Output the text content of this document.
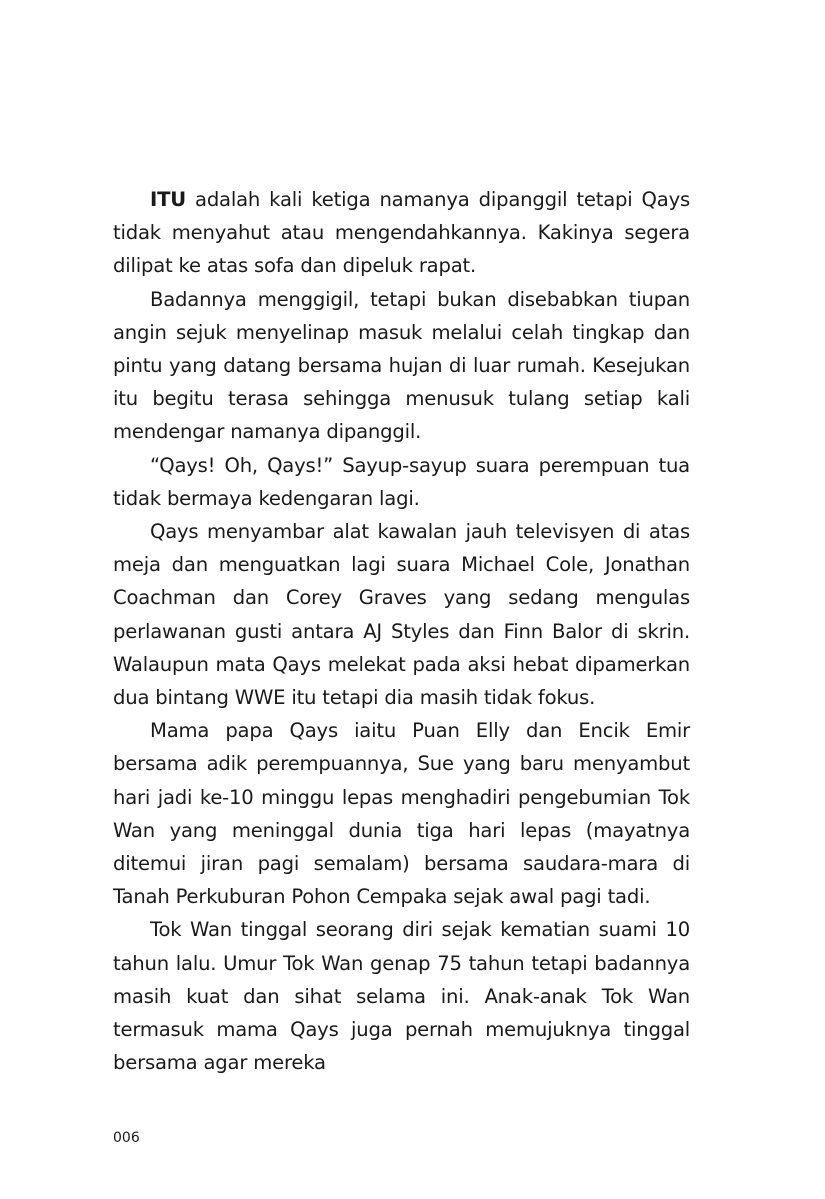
ITU adalah kali ketiga namanya dipanggil tetapi Qays tidak menyahut atau mengendahkannya. Kakinya segera dilipat ke atas sofa dan dipeluk rapat.

Badannya menggigil, tetapi bukan disebabkan tiupan angin sejuk menyelinap masuk melalui celah tingkap dan pintu yang datang bersama hujan di luar rumah. Kesejukan itu begitu terasa sehingga menusuk tulang setiap kali mendengar namanya dipanggil.

“Qays! Oh, Qays!” Sayup-sayup suara perempuan tua tidak bermaya kedengaran lagi.

Qays menyambar alat kawalan jauh televisyen di atas meja dan menguatkan lagi suara Michael Cole, Jonathan Coachman dan Corey Graves yang sedang mengulas perlawanan gusti antara AJ Styles dan Finn Balor di skrin. Walaupun mata Qays melekat pada aksi hebat dipamerkan dua bintang WWE itu tetapi dia masih tidak fokus.

Mama papa Qays iaitu Puan Elly dan Encik Emir bersama adik perempuannya, Sue yang baru menyambut hari jadi ke-10 minggu lepas menghadiri pengebumian Tok Wan yang meninggal dunia tiga hari lepas (mayatnya ditemui jiran pagi semalam) bersama saudara-mara di Tanah Perkuburan Pohon Cempaka sejak awal pagi tadi.

Tok Wan tinggal seorang diri sejak kematian suami 10 tahun lalu. Umur Tok Wan genap 75 tahun tetapi badannya masih kuat dan sihat selama ini. Anak-anak Tok Wan termasuk mama Qays juga pernah memujuknya tinggal bersama agar mereka

006
